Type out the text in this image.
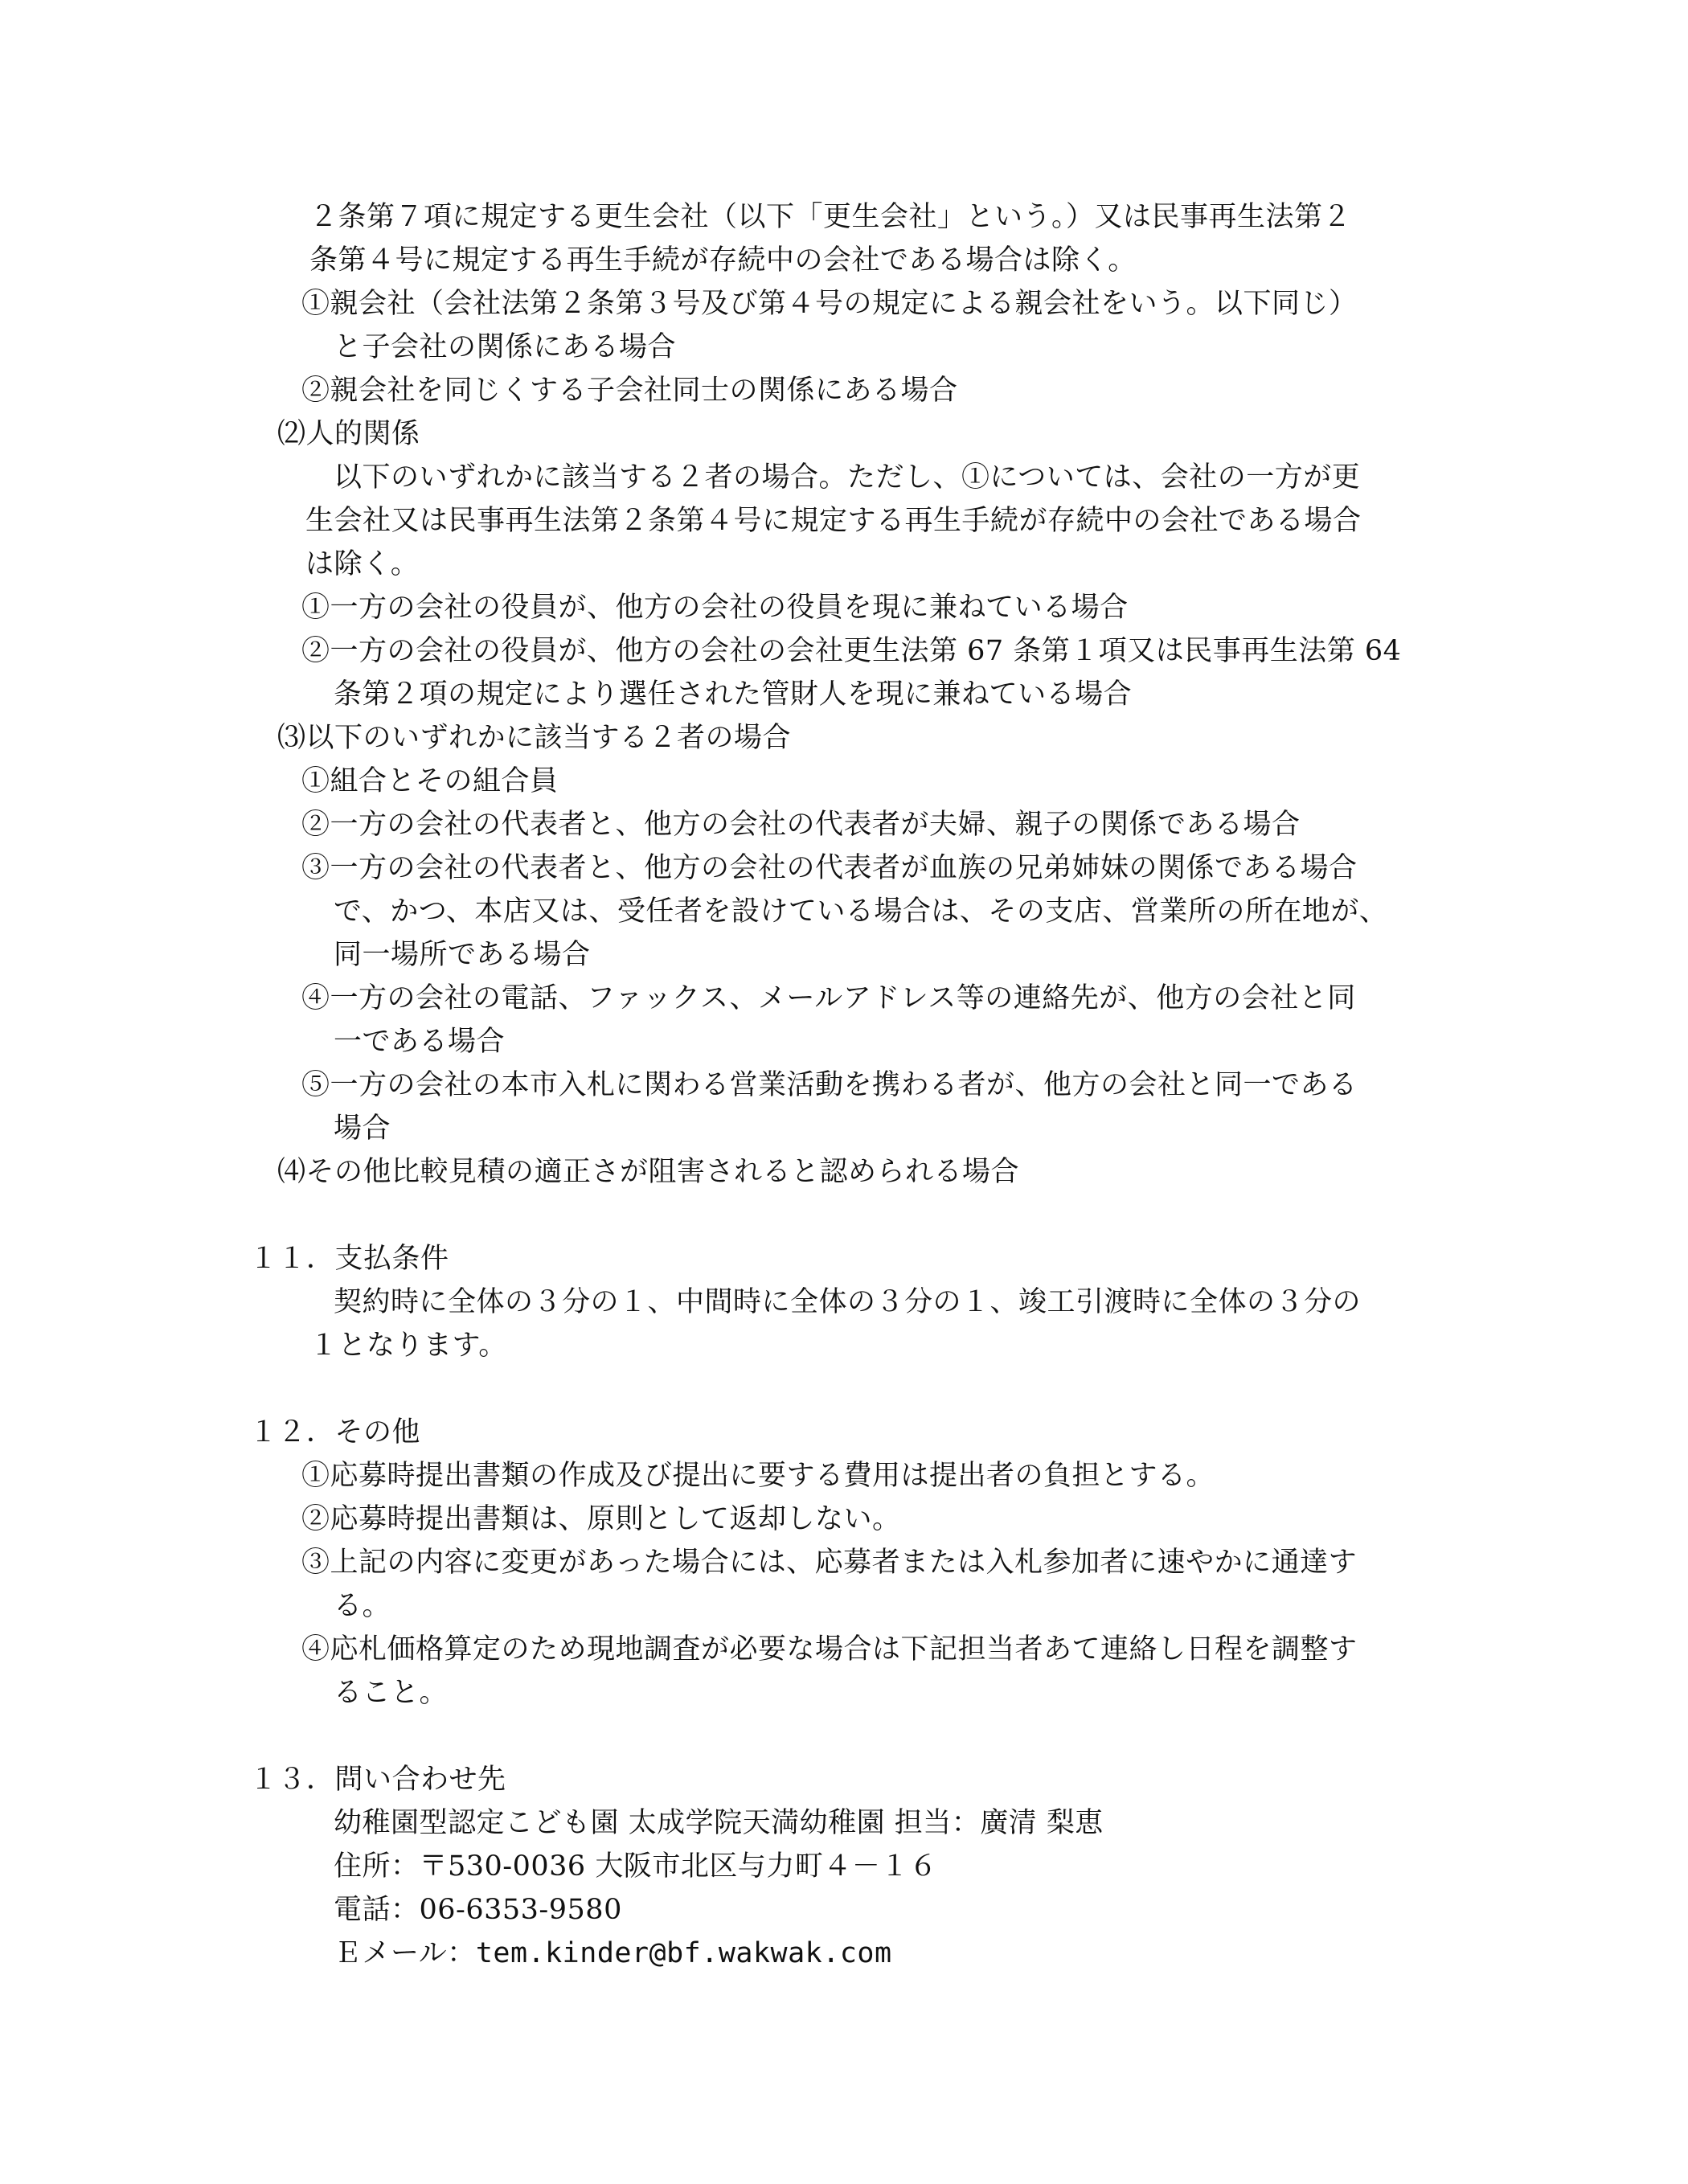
２条第７項に規定する更生会社（以下「更生会社」という。）又は民事再生法第２
条第４号に規定する再生手続が存続中の会社である場合は除く。
①親会社（会社法第２条第３号及び第４号の規定による親会社をいう。以下同じ）
と子会社の関係にある場合
②親会社を同じくする子会社同士の関係にある場合
⑵人的関係
以下のいずれかに該当する２者の場合。ただし、①については、会社の一方が更
生会社又は民事再生法第２条第４号に規定する再生手続が存続中の会社である場合
は除く。
①一方の会社の役員が、他方の会社の役員を現に兼ねている場合
②一方の会社の役員が、他方の会社の会社更生法第 67 条第１項又は民事再生法第 64
条第２項の規定により選任された管財人を現に兼ねている場合
⑶以下のいずれかに該当する２者の場合
①組合とその組合員
②一方の会社の代表者と、他方の会社の代表者が夫婦、親子の関係である場合
③一方の会社の代表者と、他方の会社の代表者が血族の兄弟姉妹の関係である場合
で、かつ、本店又は、受任者を設けている場合は、その支店、営業所の所在地が、
同一場所である場合
④一方の会社の電話、ファックス、メールアドレス等の連絡先が、他方の会社と同
一である場合
⑤一方の会社の本市入札に関わる営業活動を携わる者が、他方の会社と同一である
場合
⑷その他比較見積の適正さが阻害されると認められる場合
１１．支払条件
契約時に全体の３分の１、中間時に全体の３分の１、竣工引渡時に全体の３分の
１となります。
１２．その他
①応募時提出書類の作成及び提出に要する費用は提出者の負担とする。
②応募時提出書類は、原則として返却しない。
③上記の内容に変更があった場合には、応募者または入札参加者に速やかに通達す
る。
④応札価格算定のため現地調査が必要な場合は下記担当者あて連絡し日程を調整す
ること。
１３．問い合わせ先
幼稚園型認定こども園 太成学院天満幼稚園 担当：廣清 梨恵
住所：〒530-0036 大阪市北区与力町４－１６
電話：06-6353-9580
Ｅメール：tem.kinder@bf.wakwak.com
